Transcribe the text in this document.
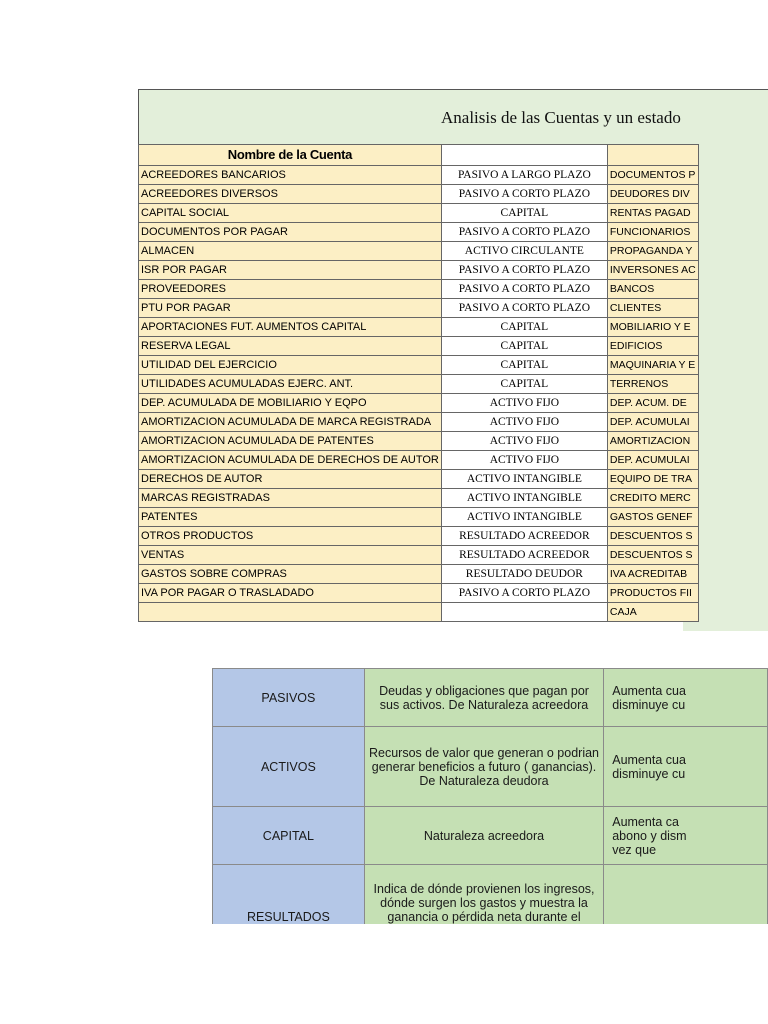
Analisis de las Cuentas y un estado
Nombre de la Cuenta		
ACREEDORES BANCARIOS	PASIVO A LARGO PLAZO	DOCUMENTOS P
ACREEDORES DIVERSOS	PASIVO A CORTO PLAZO	DEUDORES DIV
CAPITAL SOCIAL	CAPITAL	RENTAS PAGAD
DOCUMENTOS POR PAGAR	PASIVO A CORTO PLAZO	FUNCIONARIOS
ALMACEN	ACTIVO CIRCULANTE	PROPAGANDA Y
ISR POR PAGAR	PASIVO A CORTO PLAZO	INVERSONES AC
PROVEEDORES	PASIVO A CORTO PLAZO	BANCOS
PTU POR PAGAR	PASIVO A CORTO PLAZO	CLIENTES
APORTACIONES FUT. AUMENTOS CAPITAL	CAPITAL	MOBILIARIO Y E
RESERVA LEGAL	CAPITAL	EDIFICIOS
UTILIDAD DEL EJERCICIO	CAPITAL	MAQUINARIA Y E
UTILIDADES ACUMULADAS EJERC. ANT.	CAPITAL	TERRENOS
DEP. ACUMULADA DE MOBILIARIO Y EQPO	ACTIVO FIJO	DEP. ACUM. DE
AMORTIZACION ACUMULADA DE MARCA REGISTRADA	ACTIVO FIJO	DEP. ACUMULAI
AMORTIZACION ACUMULADA DE PATENTES	ACTIVO FIJO	AMORTIZACION
AMORTIZACION ACUMULADA DE DERECHOS DE AUTOR	ACTIVO FIJO	DEP. ACUMULAI
DERECHOS DE AUTOR	ACTIVO INTANGIBLE	EQUIPO DE TRA
MARCAS REGISTRADAS	ACTIVO INTANGIBLE	CREDITO MERC
PATENTES	ACTIVO INTANGIBLE	GASTOS GENEF
OTROS PRODUCTOS	RESULTADO ACREEDOR	DESCUENTOS S
VENTAS	RESULTADO ACREEDOR	DESCUENTOS S
GASTOS SOBRE COMPRAS	RESULTADO DEUDOR	IVA ACREDITAB
IVA POR PAGAR O TRASLADADO	PASIVO A CORTO PLAZO	PRODUCTOS FII
		CAJA
PASIVOS	Deudas y obligaciones que pagan por sus activos. De Naturaleza acreedora	Aumenta cua
disminuye cu
ACTIVOS	Recursos de valor que generan o podrian generar beneficios a futuro ( ganancias). De Naturaleza deudora	Aumenta cua
disminuye cu
CAPITAL	Naturaleza acreedora	Aumenta ca
abono y dism
vez que
RESULTADOS	Indica de dónde provienen los ingresos, dónde surgen los gastos y muestra la ganancia o pérdida neta durante el	
